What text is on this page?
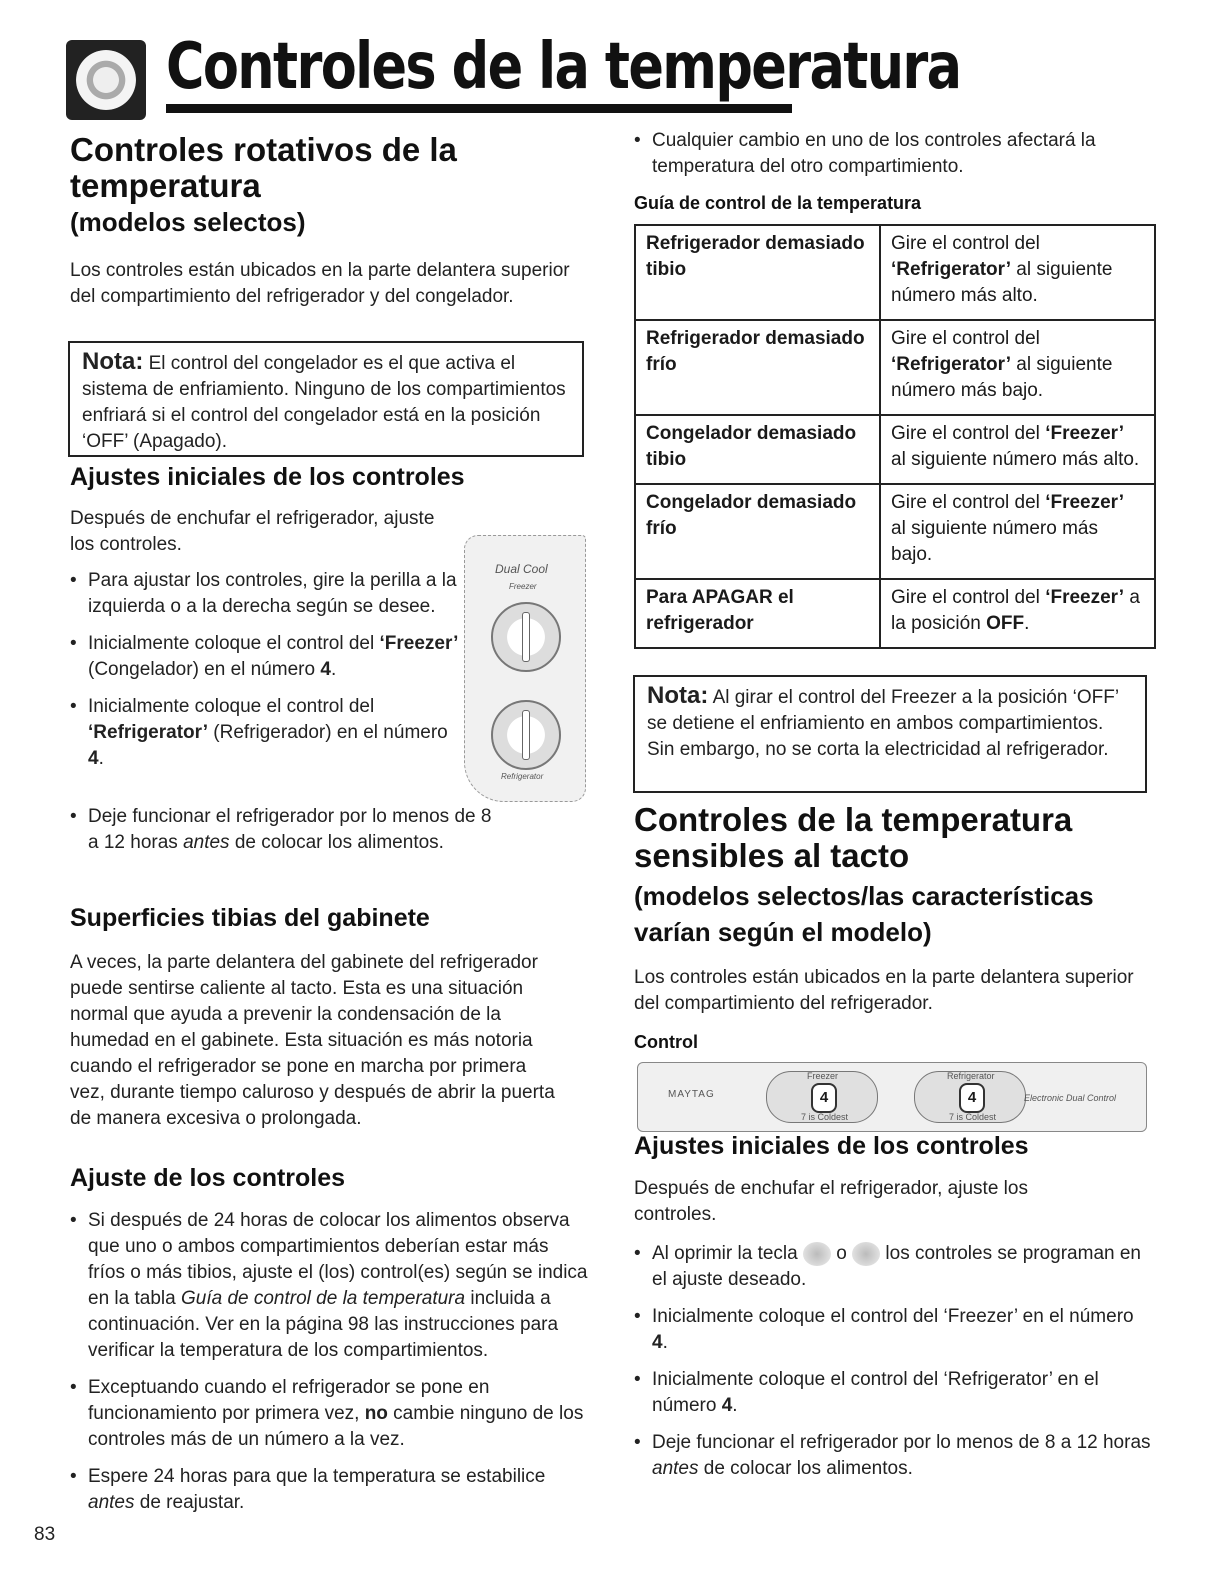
Controles de la temperatura
Controles rotativos de la temperatura
(modelos selectos)
Los controles están ubicados en la parte delantera superior del compartimiento del refrigerador y del congelador.
Nota: El control del congelador es el que activa el sistema de enfriamiento. Ninguno de los compartimientos enfriará si el control del congelador está en la posición ‘OFF’ (Apagado).
Ajustes iniciales de los controles
Después de enchufar el refrigerador, ajuste los controles.
• Para ajustar los controles, gire la perilla a la izquierda o a la derecha según se desee.
• Inicialmente coloque el control del ‘Freezer’ (Congelador) en el número 4.
• Inicialmente coloque el control del ‘Refrigerator’ (Refrigerador) en el número 4.
Dual Cool
Freezer
Refrigerator
• Deje funcionar el refrigerador por lo menos de 8 a 12 horas antes de colocar los alimentos.
Superficies tibias del gabinete
A veces, la parte delantera del gabinete del refrigerador puede sentirse caliente al tacto. Esta es una situación normal que ayuda a prevenir la condensación de la humedad en el gabinete. Esta situación es más notoria cuando el refrigerador se pone en marcha por primera vez, durante tiempo caluroso y después de abrir la puerta de manera excesiva o prolongada.
Ajuste de los controles
• Si después de 24 horas de colocar los alimentos observa que uno o ambos compartimientos deberían estar más fríos o más tibios, ajuste el (los) control(es) según se indica en la tabla Guía de control de la temperatura incluida a continuación. Ver en la página 98 las instrucciones para verificar la temperatura de los compartimientos.
• Exceptuando cuando el refrigerador se pone en funcionamiento por primera vez, no cambie ninguno de los controles más de un número a la vez.
• Espere 24 horas para que la temperatura se estabilice antes de reajustar.
83
• Cualquier cambio en uno de los controles afectará la temperatura del otro compartimiento.
Guía de control de la temperatura
Refrigerador demasiado tibio	Gire el control del ‘Refrigerator’ al siguiente número más alto.
Refrigerador demasiado frío	Gire el control del ‘Refrigerator’ al siguiente número más bajo.
Congelador demasiado tibio	Gire el control del ‘Freezer’ al siguiente número más alto.
Congelador demasiado frío	Gire el control del ‘Freezer’ al siguiente número más bajo.
Para APAGAR el refrigerador	Gire el control del ‘Freezer’ a la posición OFF.
Nota: Al girar el control del Freezer a la posición ‘OFF’ se detiene el enfriamiento en ambos compartimientos. Sin embargo, no se corta la electricidad al refrigerador.
Controles de la temperatura sensibles al tacto
(modelos selectos/las características varían según el modelo)
Los controles están ubicados en la parte delantera superior del compartimiento del refrigerador.
Control
MAYTAG
Freezer
4
7 is Coldest
Refrigerator
4
7 is Coldest
Electronic Dual Control
Ajustes iniciales de los controles
Después de enchufar el refrigerador, ajuste los controles.
• Al oprimir la tecla  o  los controles se programan en el ajuste deseado.
• Inicialmente coloque el control del ‘Freezer’ en el número 4.
• Inicialmente coloque el control del ‘Refrigerator’ en el número 4.
• Deje funcionar el refrigerador por lo menos de 8 a 12 horas antes de colocar los alimentos.
